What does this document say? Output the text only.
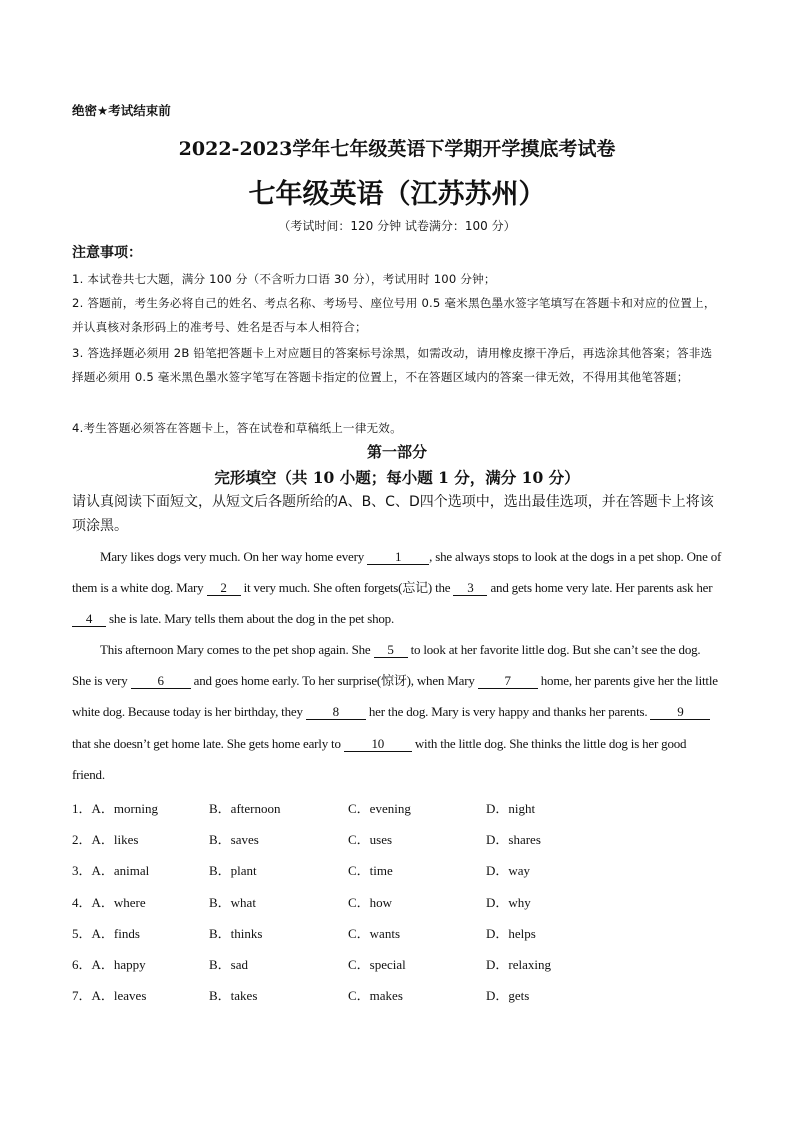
绝密★考试结束前
2022-2023学年七年级英语下学期开学摸底考试卷
七年级英语（江苏苏州）
（考试时间：120 分钟 试卷满分：100 分）
注意事项：
1. 本试卷共七大题，满分 100 分（不含听力口语 30 分），考试用时 100 分钟；
2. 答题前，考生务必将自己的姓名、考点名称、考场号、座位号用 0.5 毫米黑色墨水签字笔填写在答题卡和对应的位置上，并认真核对条形码上的准考号、姓名是否与本人相符合；
3. 答选择题必须用 2B 铅笔把答题卡上对应题目的答案标号涂黑，如需改动，请用橡皮擦干净后，再选涂其他答案；答非选择题必须用 0.5 毫米黑色墨水签字笔写在答题卡指定的位置上，不在答题区域内的答案一律无效，不得用其他笔答题；
4.考生答题必须答在答题卡上，答在试卷和草稿纸上一律无效。
第一部分
完形填空（共 10 小题；每小题 1 分，满分 10 分）
请认真阅读下面短文，从短文后各题所给的A、B、C、D四个选项中，选出最佳选项，并在答题卡上将该项涂黑。
Mary likes dogs very much. On her way home every 1 , she always stops to look at the dogs in a pet shop. One of them is a white dog. Mary 2 it very much. She often forgets(忘记) the 3 and gets home very late. Her parents ask her 4 she is late. Mary tells them about the dog in the pet shop.
This afternoon Mary comes to the pet shop again. She 5 to look at her favorite little dog. But she can’t see the dog. She is very 6 and goes home early. To her surprise(惊讶), when Mary 7 home, her parents give her the little white dog. Because today is her birthday, they 8 her the dog. Mary is very happy and thanks her parents. 9 that she doesn’t get home late. She gets home early to 10 with the little dog. She thinks the little dog is her good friend.
1．A．morning	B．afternoon	C．evening	D．night
2．A．likes	B．saves	C．uses	D．shares
3．A．animal	B．plant	C．time	D．way
4．A．where	B．what	C．how	D．why
5．A．finds	B．thinks	C．wants	D．helps
6．A．happy	B．sad	C．special	D．relaxing
7．A．leaves	B．takes	C．makes	D．gets
